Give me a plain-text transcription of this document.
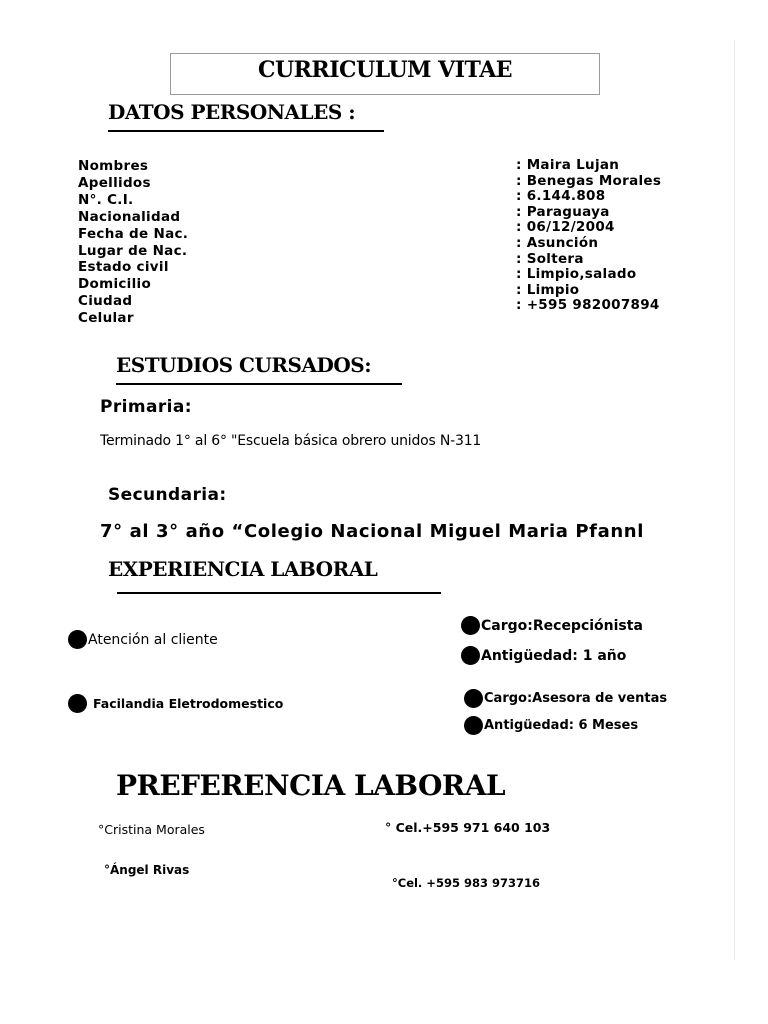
CURRICULUM VITAE
DATOS PERSONALES :
Nombres
Apellidos
N°. C.I.
Nacionalidad
Fecha de Nac.
Lugar de Nac.
Estado civil
Domicilio
Ciudad
Celular
: Maira Lujan
: Benegas Morales
: 6.144.808
: Paraguaya
: 06/12/2004
: Asunción
: Soltera
: Limpio,salado
: Limpio
: +595 982007894
ESTUDIOS CURSADOS:
Primaria:
Terminado 1° al 6° "Escuela básica obrero unidos N-311
Secundaria:
7° al 3° año “Colegio Nacional Miguel Maria Pfannl
EXPERIENCIA LABORAL
Atención al cliente
Facilandia Eletrodomestico
Cargo:Recepciónista
Antigüedad: 1 año
Cargo:Asesora de ventas
Antigüedad: 6 Meses
PREFERENCIA LABORAL
°Cristina Morales	° Cel.+595 971 640 103
°Ángel Rivas
°Cel. +595 983 973716
